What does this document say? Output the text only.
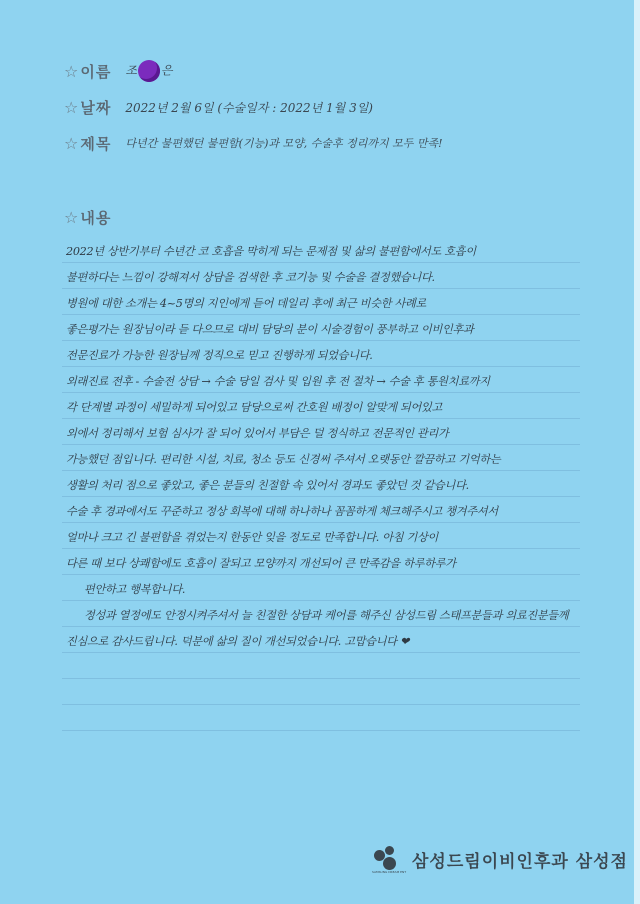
☆ 이름 조 은
☆ 날짜 2022년 2월 6일 (수술일자 : 2022년 1월 3일)
☆ 제목 다년간 불편했던 불편함(기능)과 모양, 수술후 정리까지 모두 만족!
☆ 내용
2022년 상반기부터 수년간 코 호흡을 막히게 되는 문제점 및 삶의 불편함에서도 호흡이
불편하다는 느낌이 강해져서 상담을 검색한 후 코기능 및 수술을 결정했습니다.
병원에 대한 소개는 4~5명의 지인에게 듣어 데일리 후에 최근 비슷한 사례로
좋은평가는 원장님이라 듣 다으므로 대비 담당의 분이 시술경험이 풍부하고 이비인후과
전문진료가 가능한 원장님께 정직으로 믿고 진행하게 되었습니다.
외래진료 전후 - 수술전 상담 → 수술 당일 검사 및 입원 후 전 절차 → 수술 후 통원치료까지
각 단계별 과정이 세밀하게 되어있고 담당으로써 간호원 배정이 알맞게 되어있고
외에서 정리해서 보험 심사가 잘 되어 있어서 부담은 덜 정식하고 전문적인 관리가
가능했던 점입니다. 편리한 시설, 치료, 청소 등도 신경써 주셔서 오랫동안 깔끔하고 기억하는
생활의 처리 점으로 좋았고, 좋은 분들의 친절함 속 있어서 경과도 좋았던 것 같습니다.
수술 후 경과에서도 꾸준하고 정상 회복에 대해 하나하나 꼼꼼하게 체크해주시고 챙겨주셔서
얼마나 크고 긴 불편함을 겪었는지 한동안 잊을 정도로 만족합니다. 아침 기상이
다른 때 보다 상쾌함에도 호흡이 잘되고 모양까지 개선되어 큰 만족감을 하루하루가
편안하고 행복합니다.
정성과 열정에도 안정시켜주셔서 늘 친절한 상담과 케어를 해주신 삼성드림 스태프분들과 의료진분들께
진심으로 감사드립니다. 덕분에 삶의 질이 개선되었습니다. 고맙습니다 ❤
SAMSUNG DREAM ENT
삼성드림이비인후과 삼성점
